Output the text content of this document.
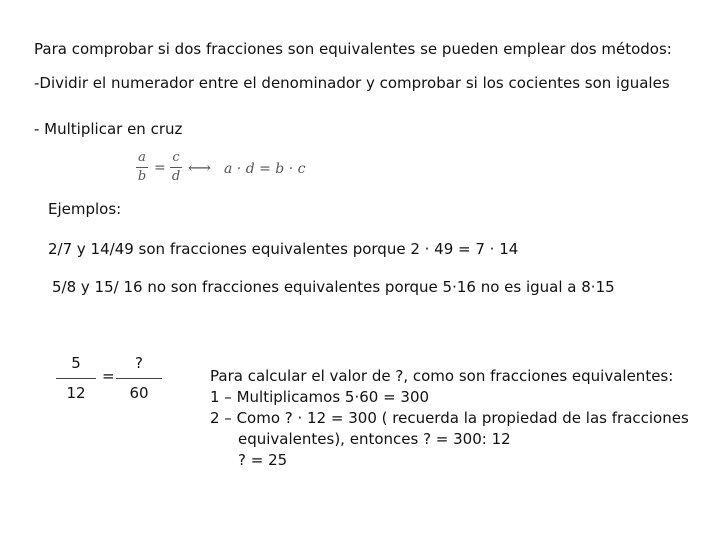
Para comprobar si dos fracciones son equivalentes se pueden emplear dos métodos:
-Dividir el numerador entre el denominador y comprobar si los cocientes son iguales
- Multiplicar en cruz
a
b
=
c
d ⟷ a · d = b · c
Ejemplos:
2/7 y 14/49 son fracciones equivalentes porque 2 · 49 = 7 · 14
5/8 y 15/ 16 no son fracciones equivalentes porque 5·16 no es igual a 8·15
5
12
=
?
60
Para calcular el valor de ?, como son fracciones equivalentes:
1 – Multiplicamos 5·60 = 300
2 – Como ? · 12 = 300 ( recuerda la propiedad de las fracciones
equivalentes), entonces ? = 300: 12
? = 25
